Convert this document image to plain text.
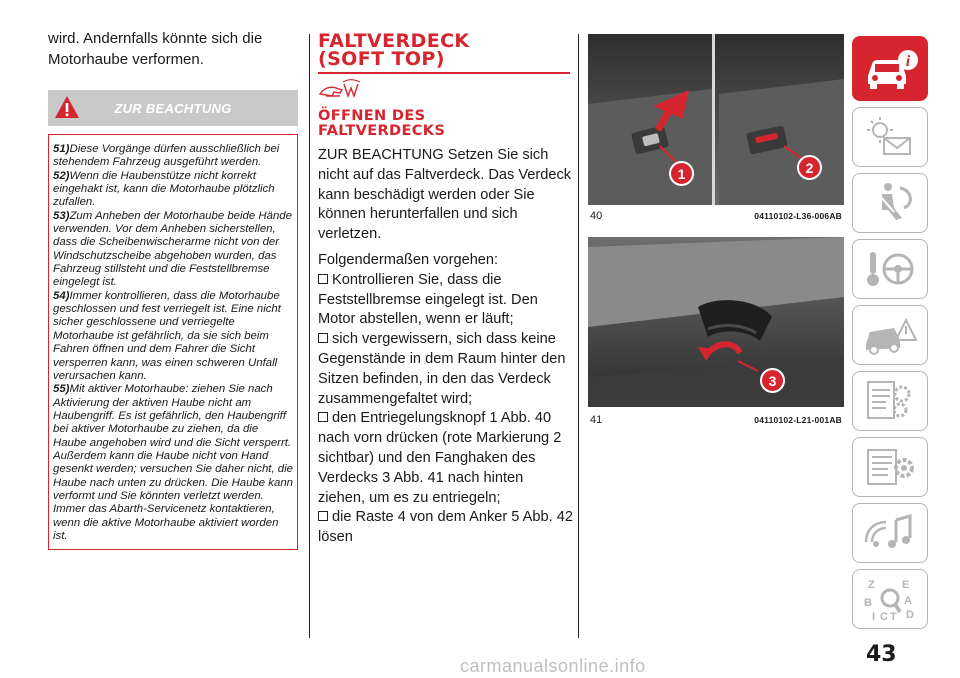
wird. Andernfalls könnte sich die Motorhaube verformen.

ZUR BEACHTUNG

51)Diese Vorgänge dürfen ausschließlich bei stehendem Fahrzeug ausgeführt werden.

52)Wenn die Haubenstütze nicht korrekt eingehakt ist, kann die Motorhaube plötzlich zufallen.

53)Zum Anheben der Motorhaube beide Hände verwenden. Vor dem Anheben sicherstellen, dass die Scheibenwischerarme nicht von der Windschutzscheibe abgehoben wurden, das Fahrzeug stillsteht und die Feststellbremse eingelegt ist.

54)Immer kontrollieren, dass die Motorhaube geschlossen und fest verriegelt ist. Eine nicht sicher geschlossene und verriegelte Motorhaube ist gefährlich, da sie sich beim Fahren öffnen und dem Fahrer die Sicht versperren kann, was einen schweren Unfall verursachen kann.

55)Mit aktiver Motorhaube: ziehen Sie nach Aktivierung der aktiven Haube nicht am Haubengriff. Es ist gefährlich, den Haubengriff bei aktiver Motorhaube zu ziehen, da die Haube angehoben wird und die Sicht versperrt. Außerdem kann die Haube nicht von Hand gesenkt werden; versuchen Sie daher nicht, die Haube nach unten zu drücken. Die Haube kann verformt und Sie könnten verletzt werden. Immer das Abarth-Servicenetz kontaktieren, wenn die aktive Motorhaube aktiviert worden ist.

FALTVERDECK
(SOFT TOP)
ÖFFNEN DES
FALTVERDECKS

ZUR BEACHTUNG Setzen Sie sich nicht auf das Faltverdeck. Das Verdeck kann beschädigt werden oder Sie können herunterfallen und sich verletzen.

Folgendermaßen vorgehen:

Kontrollieren Sie, dass die Feststellbremse eingelegt ist. Den Motor abstellen, wenn er läuft;

sich vergewissern, sich dass keine Gegenstände in dem Raum hinter den Sitzen befinden, in den das Verdeck zusammengefaltet wird;

den Entriegelungsknopf 1 Abb. 40 nach vorn drücken (rote Markierung 2 sichtbar) und den Fanghaken des Verdecks 3 Abb. 41 nach hinten ziehen, um es zu entriegeln;

die Raste 4 von dem Anker 5 Abb. 42 lösen

1	2
40	04110102-L36-006AB
3
41	04110102-L21-001AB
i
Z E
B	A
I C T D
43
carmanualsonline.info
